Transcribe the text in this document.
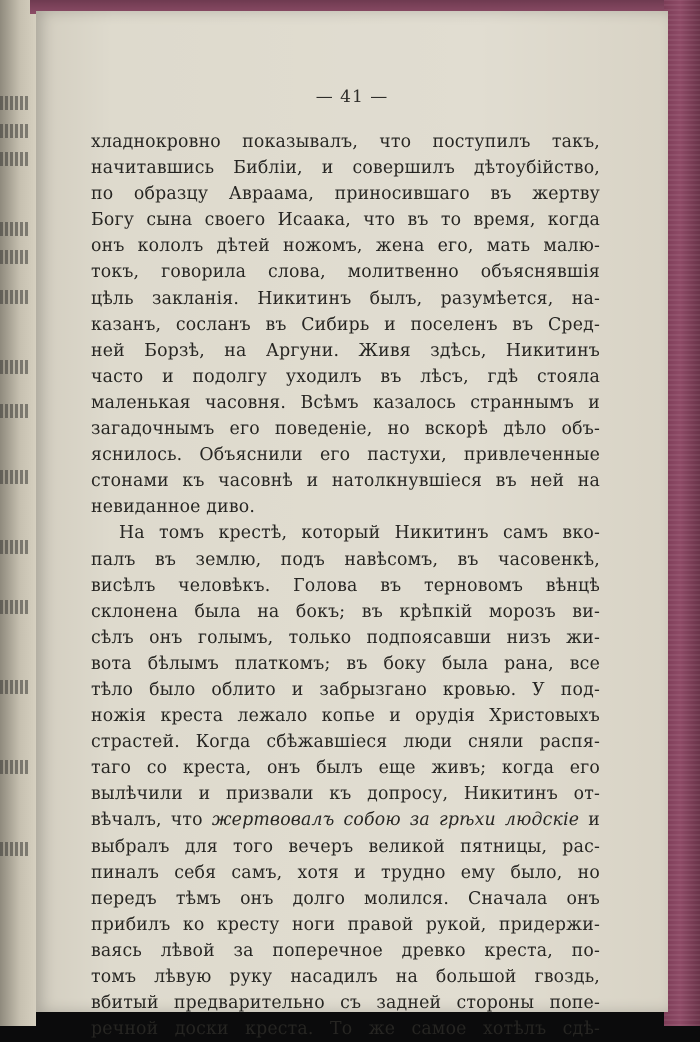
— 41 —
хладнокровно показывалъ, что поступилъ такъ,
начитавшись Библіи, и совершилъ дѣтоубійство,
по образцу Авраама, приносившаго въ жертву
Богу сына своего Исаака, что въ то время, когда
онъ кололъ дѣтей ножомъ, жена его, мать малю-
токъ, говорила слова, молитвенно объяснявшія
цѣль закланія. Никитинъ былъ, разумѣется, на-
казанъ, сосланъ въ Сибирь и поселенъ въ Сред-
ней Борзѣ, на Аргуни. Живя здѣсь, Никитинъ
часто и подолгу уходилъ въ лѣсъ, гдѣ стояла
маленькая часовня. Всѣмъ казалось страннымъ и
загадочнымъ его поведеніе, но вскорѣ дѣло объ-
яснилось. Объяснили его пастухи, привлеченные
стонами къ часовнѣ и натолкнувшіеся въ ней на
невиданное диво.
На томъ крестѣ, который Никитинъ самъ вко-
палъ въ землю, подъ навѣсомъ, въ часовенкѣ,
висѣлъ человѣкъ. Голова въ терновомъ вѣнцѣ
склонена была на бокъ; въ крѣпкій морозъ ви-
сѣлъ онъ голымъ, только подпоясавши низъ жи-
вота бѣлымъ платкомъ; въ боку была рана, все
тѣло было облито и забрызгано кровью. У под-
ножія креста лежало копье и орудія Христовыхъ
страстей. Когда сбѣжавшіеся люди сняли распя-
таго со креста, онъ былъ еще живъ; когда его
вылѣчили и призвали къ допросу, Никитинъ от-
вѣчалъ, что жертвовалъ собою за грѣхи людскіе и
выбралъ для того вечеръ великой пятницы, рас-
пиналъ себя самъ, хотя и трудно ему было, но
передъ тѣмъ онъ долго молился. Сначала онъ
прибилъ ко кресту ноги правой рукой, придержи-
ваясь лѣвой за поперечное древко креста, по-
томъ лѣвую руку насадилъ на большой гвоздь,
вбитый предварительно съ задней стороны попе-
речной доски креста. То же самое хотѣлъ сдѣ-
